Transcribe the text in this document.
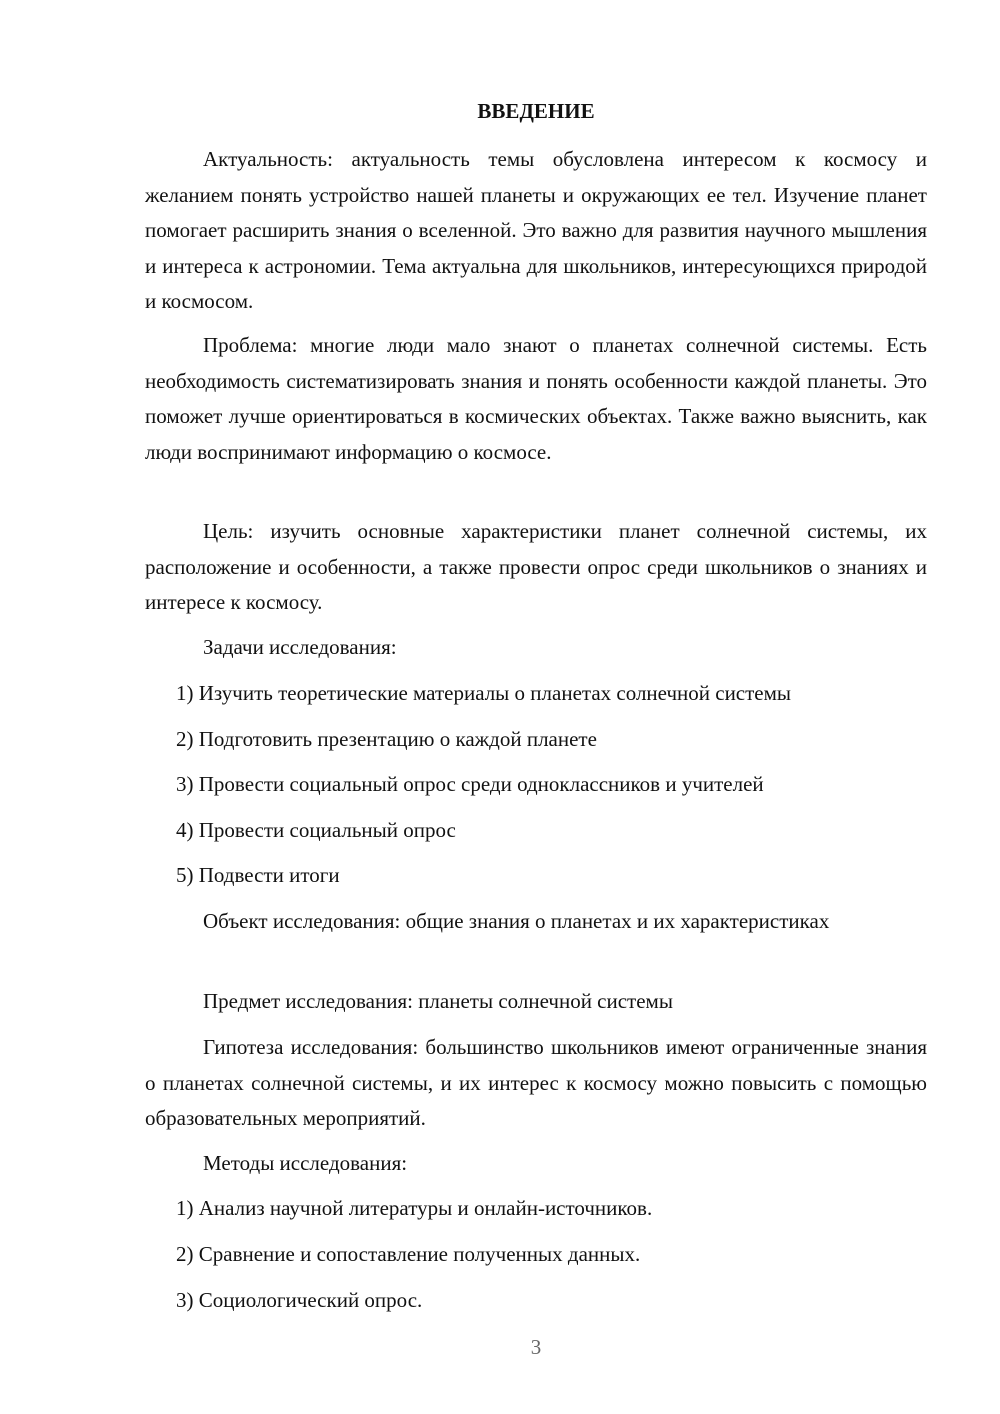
ВВЕДЕНИЕ

Актуальность: актуальность темы обусловлена интересом к космосу и желанием понять устройство нашей планеты и окружающих ее тел. Изучение планет помогает расширить знания о вселенной. Это важно для развития научного мышления и интереса к астрономии. Тема актуальна для школьников, интересующихся природой и космосом.

Проблема: многие люди мало знают о планетах солнечной системы. Есть необходимость систематизировать знания и понять особенности каждой планеты. Это поможет лучше ориентироваться в космических объектах. Также важно выяснить, как люди воспринимают информацию о космосе.

Цель: изучить основные характеристики планет солнечной системы, их расположение и особенности, а также провести опрос среди школьников о знаниях и интересе к космосу.

Задачи исследования:

1) Изучить теоретические материалы о планетах солнечной системы

2) Подготовить презентацию о каждой планете

3) Провести социальный опрос среди одноклассников и учителей

4) Провести социальный опрос

5) Подвести итоги

Объект исследования: общие знания о планетах и их характеристиках

Предмет исследования: планеты солнечной системы

Гипотеза исследования: большинство школьников имеют ограниченные знания о планетах солнечной системы, и их интерес к космосу можно повысить с помощью образовательных мероприятий.

Методы исследования:

1) Анализ научной литературы и онлайн-источников.

2) Сравнение и сопоставление полученных данных.

3) Социологический опрос.

3
